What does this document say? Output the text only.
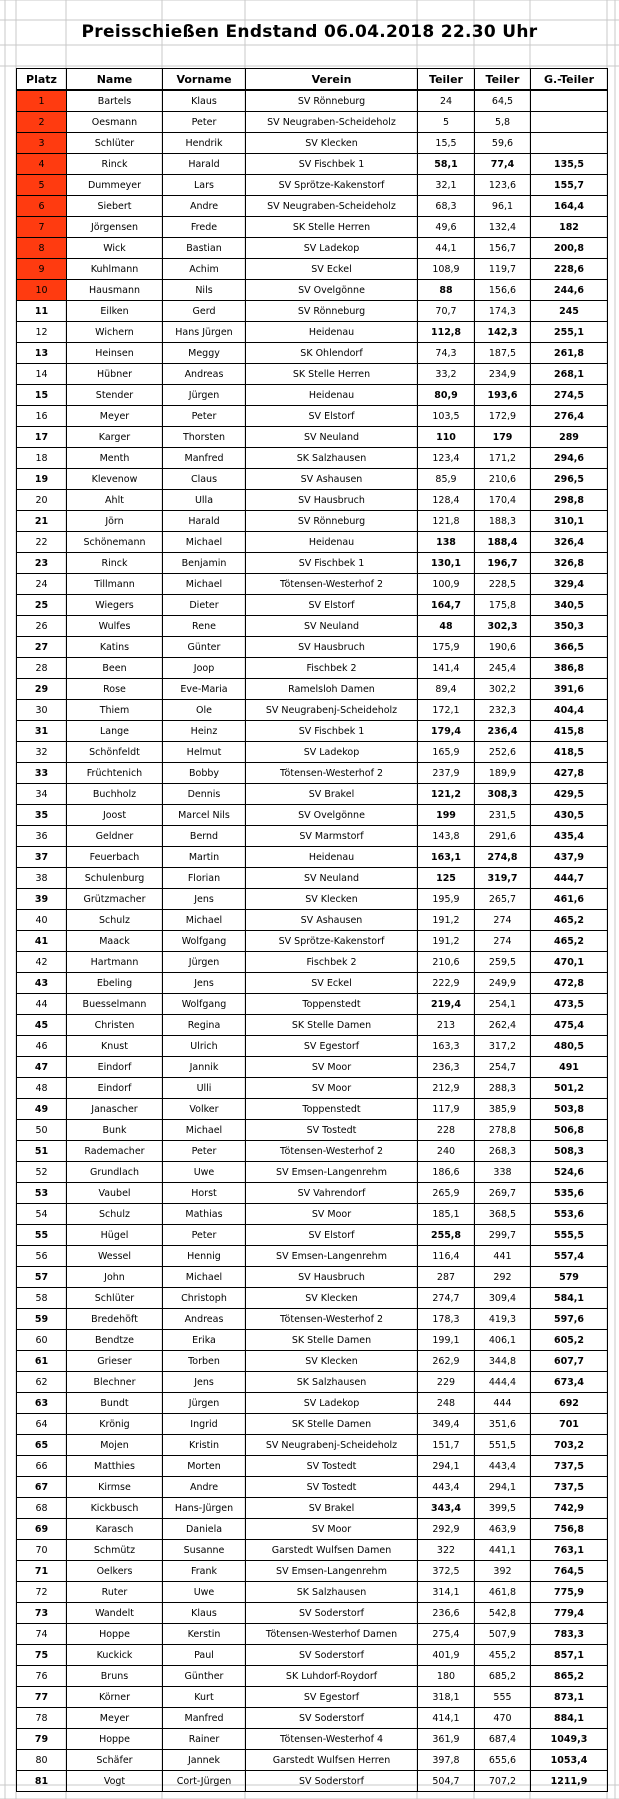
Preisschießen Endstand 06.04.2018 22.30 Uhr
Platz	Name	Vorname	Verein	Teiler	Teiler	G.-Teiler
1	Bartels	Klaus	SV Rönneburg	24	64,5	
2	Oesmann	Peter	SV Neugraben-Scheideholz	5	5,8	
3	Schlüter	Hendrik	SV Klecken	15,5	59,6	
4	Rinck	Harald	SV Fischbek 1	58,1	77,4	135,5
5	Dummeyer	Lars	SV Sprötze-Kakenstorf	32,1	123,6	155,7
6	Siebert	Andre	SV Neugraben-Scheideholz	68,3	96,1	164,4
7	Jörgensen	Frede	SK Stelle Herren	49,6	132,4	182
8	Wick	Bastian	SV Ladekop	44,1	156,7	200,8
9	Kuhlmann	Achim	SV Eckel	108,9	119,7	228,6
10	Hausmann	Nils	SV Ovelgönne	88	156,6	244,6
11	Eilken	Gerd	SV Rönneburg	70,7	174,3	245
12	Wichern	Hans Jürgen	Heidenau	112,8	142,3	255,1
13	Heinsen	Meggy	SK Ohlendorf	74,3	187,5	261,8
14	Hübner	Andreas	SK Stelle Herren	33,2	234,9	268,1
15	Stender	Jürgen	Heidenau	80,9	193,6	274,5
16	Meyer	Peter	SV Elstorf	103,5	172,9	276,4
17	Karger	Thorsten	SV Neuland	110	179	289
18	Menth	Manfred	SK Salzhausen	123,4	171,2	294,6
19	Klevenow	Claus	SV Ashausen	85,9	210,6	296,5
20	Ahlt	Ulla	SV Hausbruch	128,4	170,4	298,8
21	Jörn	Harald	SV Rönneburg	121,8	188,3	310,1
22	Schönemann	Michael	Heidenau	138	188,4	326,4
23	Rinck	Benjamin	SV Fischbek 1	130,1	196,7	326,8
24	Tillmann	Michael	Tötensen-Westerhof 2	100,9	228,5	329,4
25	Wiegers	Dieter	SV Elstorf	164,7	175,8	340,5
26	Wulfes	Rene	SV Neuland	48	302,3	350,3
27	Katins	Günter	SV Hausbruch	175,9	190,6	366,5
28	Been	Joop	Fischbek 2	141,4	245,4	386,8
29	Rose	Eve-Maria	Ramelsloh Damen	89,4	302,2	391,6
30	Thiem	Ole	SV Neugrabenj-Scheideholz	172,1	232,3	404,4
31	Lange	Heinz	SV Fischbek 1	179,4	236,4	415,8
32	Schönfeldt	Helmut	SV Ladekop	165,9	252,6	418,5
33	Früchtenich	Bobby	Tötensen-Westerhof 2	237,9	189,9	427,8
34	Buchholz	Dennis	SV Brakel	121,2	308,3	429,5
35	Joost	Marcel Nils	SV Ovelgönne	199	231,5	430,5
36	Geldner	Bernd	SV Marmstorf	143,8	291,6	435,4
37	Feuerbach	Martin	Heidenau	163,1	274,8	437,9
38	Schulenburg	Florian	SV Neuland	125	319,7	444,7
39	Grützmacher	Jens	SV Klecken	195,9	265,7	461,6
40	Schulz	Michael	SV Ashausen	191,2	274	465,2
41	Maack	Wolfgang	SV Sprötze-Kakenstorf	191,2	274	465,2
42	Hartmann	Jürgen	Fischbek 2	210,6	259,5	470,1
43	Ebeling	Jens	SV Eckel	222,9	249,9	472,8
44	Buesselmann	Wolfgang	Toppenstedt	219,4	254,1	473,5
45	Christen	Regina	SK Stelle Damen	213	262,4	475,4
46	Knust	Ulrich	SV Egestorf	163,3	317,2	480,5
47	Eindorf	Jannik	SV Moor	236,3	254,7	491
48	Eindorf	Ulli	SV Moor	212,9	288,3	501,2
49	Janascher	Volker	Toppenstedt	117,9	385,9	503,8
50	Bunk	Michael	SV Tostedt	228	278,8	506,8
51	Rademacher	Peter	Tötensen-Westerhof 2	240	268,3	508,3
52	Grundlach	Uwe	SV Emsen-Langenrehm	186,6	338	524,6
53	Vaubel	Horst	SV Vahrendorf	265,9	269,7	535,6
54	Schulz	Mathias	SV Moor	185,1	368,5	553,6
55	Hügel	Peter	SV Elstorf	255,8	299,7	555,5
56	Wessel	Hennig	SV Emsen-Langenrehm	116,4	441	557,4
57	John	Michael	SV Hausbruch	287	292	579
58	Schlüter	Christoph	SV Klecken	274,7	309,4	584,1
59	Bredehöft	Andreas	Tötensen-Westerhof 2	178,3	419,3	597,6
60	Bendtze	Erika	SK Stelle Damen	199,1	406,1	605,2
61	Grieser	Torben	SV Klecken	262,9	344,8	607,7
62	Blechner	Jens	SK Salzhausen	229	444,4	673,4
63	Bundt	Jürgen	SV Ladekop	248	444	692
64	Krönig	Ingrid	SK Stelle Damen	349,4	351,6	701
65	Mojen	Kristin	SV Neugrabenj-Scheideholz	151,7	551,5	703,2
66	Matthies	Morten	SV Tostedt	294,1	443,4	737,5
67	Kirmse	Andre	SV Tostedt	443,4	294,1	737,5
68	Kickbusch	Hans-Jürgen	SV Brakel	343,4	399,5	742,9
69	Karasch	Daniela	SV Moor	292,9	463,9	756,8
70	Schmütz	Susanne	Garstedt Wulfsen Damen	322	441,1	763,1
71	Oelkers	Frank	SV Emsen-Langenrehm	372,5	392	764,5
72	Ruter	Uwe	SK Salzhausen	314,1	461,8	775,9
73	Wandelt	Klaus	SV Soderstorf	236,6	542,8	779,4
74	Hoppe	Kerstin	Tötensen-Westerhof Damen	275,4	507,9	783,3
75	Kuckick	Paul	SV Soderstorf	401,9	455,2	857,1
76	Bruns	Günther	SK Luhdorf-Roydorf	180	685,2	865,2
77	Körner	Kurt	SV Egestorf	318,1	555	873,1
78	Meyer	Manfred	SV Soderstorf	414,1	470	884,1
79	Hoppe	Rainer	Tötensen-Westerhof 4	361,9	687,4	1049,3
80	Schäfer	Jannek	Garstedt Wulfsen Herren	397,8	655,6	1053,4
81	Vogt	Cort-Jürgen	SV Soderstorf	504,7	707,2	1211,9
